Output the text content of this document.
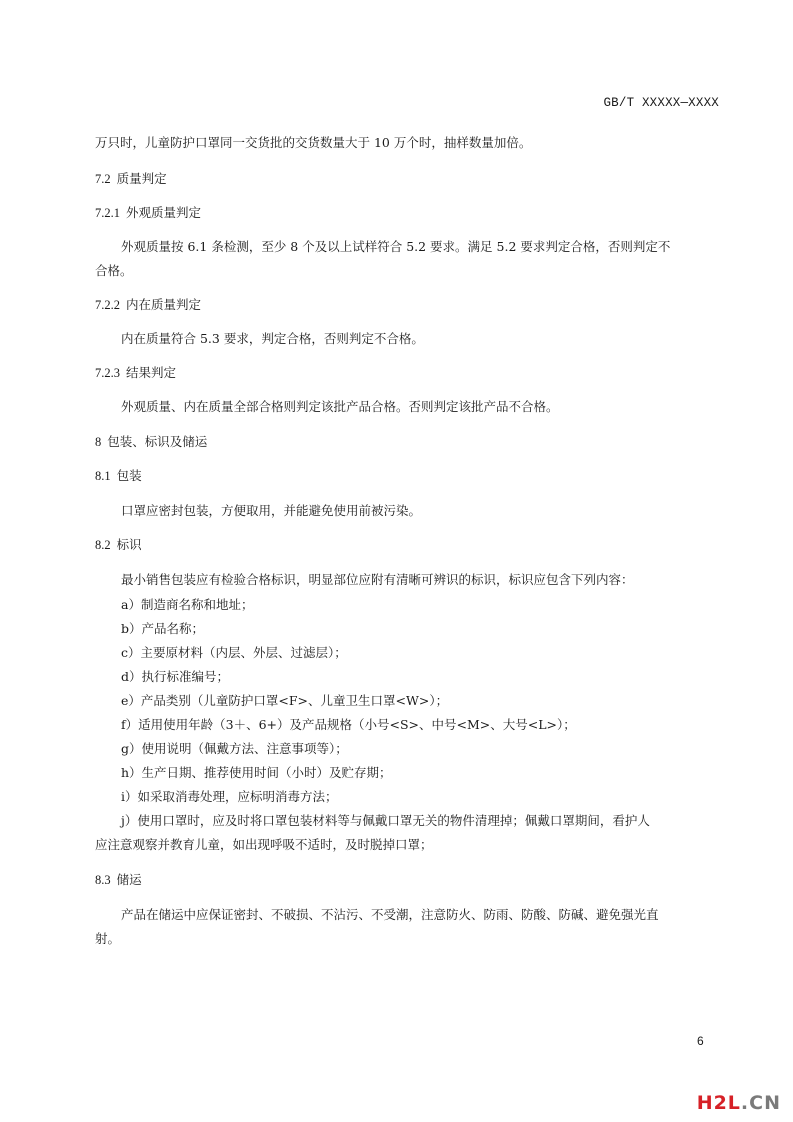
GB/T XXXXX—XXXX
万只时，儿童防护口罩同一交货批的交货数量大于 10 万个时，抽样数量加倍。
7.2 质量判定
7.2.1 外观质量判定
外观质量按 6.1 条检测，至少 8 个及以上试样符合 5.2 要求。满足 5.2 要求判定合格，否则判定不
合格。
7.2.2 内在质量判定
内在质量符合 5.3 要求，判定合格，否则判定不合格。
7.2.3 结果判定
外观质量、内在质量全部合格则判定该批产品合格。否则判定该批产品不合格。
8 包装、标识及储运
8.1 包装
口罩应密封包装，方便取用，并能避免使用前被污染。
8.2 标识
最小销售包装应有检验合格标识，明显部位应附有清晰可辨识的标识，标识应包含下列内容：
a）制造商名称和地址；
b）产品名称；
c）主要原材料（内层、外层、过滤层）；
d）执行标准编号；
e）产品类别（儿童防护口罩<F>、儿童卫生口罩<W>）；
f）适用使用年龄（3＋、6+）及产品规格（小号<S>、中号<M>、大号<L>）；
g）使用说明（佩戴方法、注意事项等）；
h）生产日期、推荐使用时间（小时）及贮存期；
i）如采取消毒处理，应标明消毒方法；
j）使用口罩时，应及时将口罩包装材料等与佩戴口罩无关的物件清理掉；佩戴口罩期间，看护人
应注意观察并教育儿童，如出现呼吸不适时，及时脱掉口罩；
8.3 储运
产品在储运中应保证密封、不破损、不沾污、不受潮，注意防火、防雨、防酸、防碱、避免强光直
射。
6
H2L.CN
